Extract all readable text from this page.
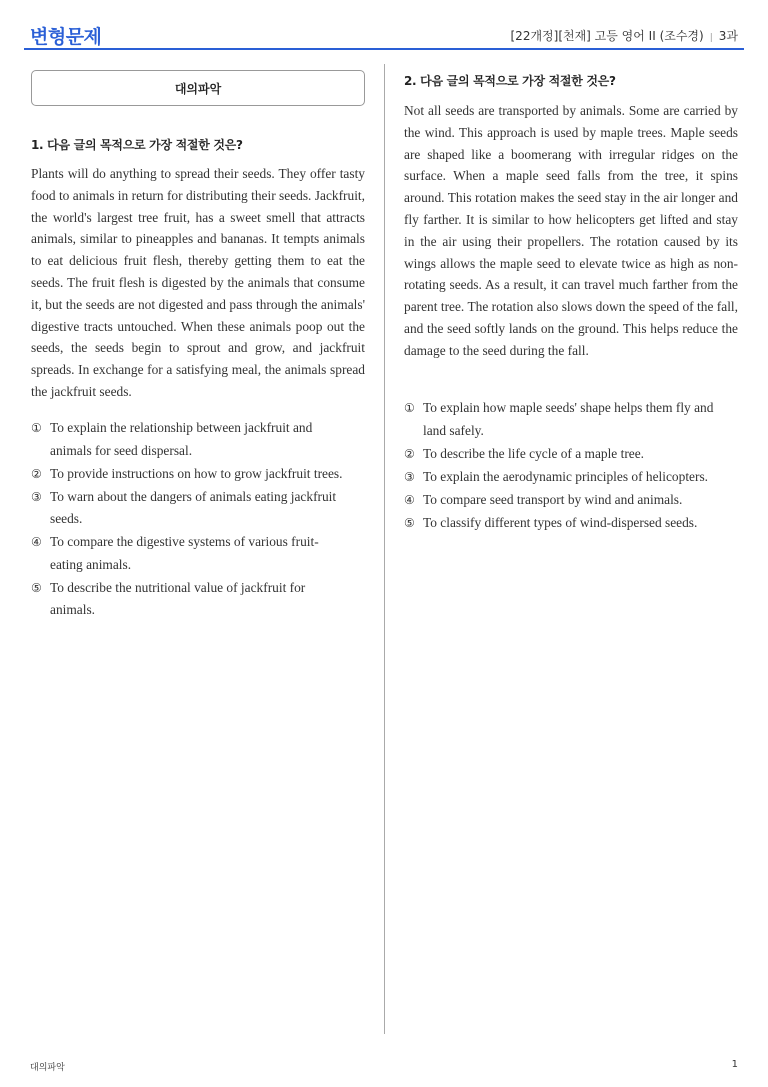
변형문제	[22개정][천재] 고등 영어 II (조수경) | 3과
대의파악
1. 다음 글의 목적으로 가장 적절한 것은?

Plants will do anything to spread their seeds. They offer tasty food to animals in return for distributing their seeds. Jackfruit, the world's largest tree fruit, has a sweet smell that attracts animals, similar to pineapples and bananas. It tempts animals to eat delicious fruit flesh, thereby getting them to eat the seeds. The fruit flesh is digested by the animals that consume it, but the seeds are not digested and pass through the animals' digestive tracts untouched. When these animals poop out the seeds, the seeds begin to sprout and grow, and jackfruit spreads. In exchange for a satisfying meal, the animals spread the jackfruit seeds.

① To explain the relationship between jackfruit and animals for seed dispersal.
② To provide instructions on how to grow jackfruit trees.
③ To warn about the dangers of animals eating jackfruit seeds.
④ To compare the digestive systems of various fruit-eating animals.
⑤ To describe the nutritional value of jackfruit for animals.
2. 다음 글의 목적으로 가장 적절한 것은?

Not all seeds are transported by animals. Some are carried by the wind. This approach is used by maple trees. Maple seeds are shaped like a boomerang with irregular ridges on the surface. When a maple seed falls from the tree, it spins around. This rotation makes the seed stay in the air longer and fly farther. It is similar to how helicopters get lifted and stay in the air using their propellers. The rotation caused by its wings allows the maple seed to elevate twice as high as non-rotating seeds. As a result, it can travel much farther from the parent tree. The rotation also slows down the speed of the fall, and the seed softly lands on the ground. This helps reduce the damage to the seed during the fall.

① To explain how maple seeds' shape helps them fly and land safely.
② To describe the life cycle of a maple tree.
③ To explain the aerodynamic principles of helicopters.
④ To compare seed transport by wind and animals.
⑤ To classify different types of wind-dispersed seeds.
대의파악	1
